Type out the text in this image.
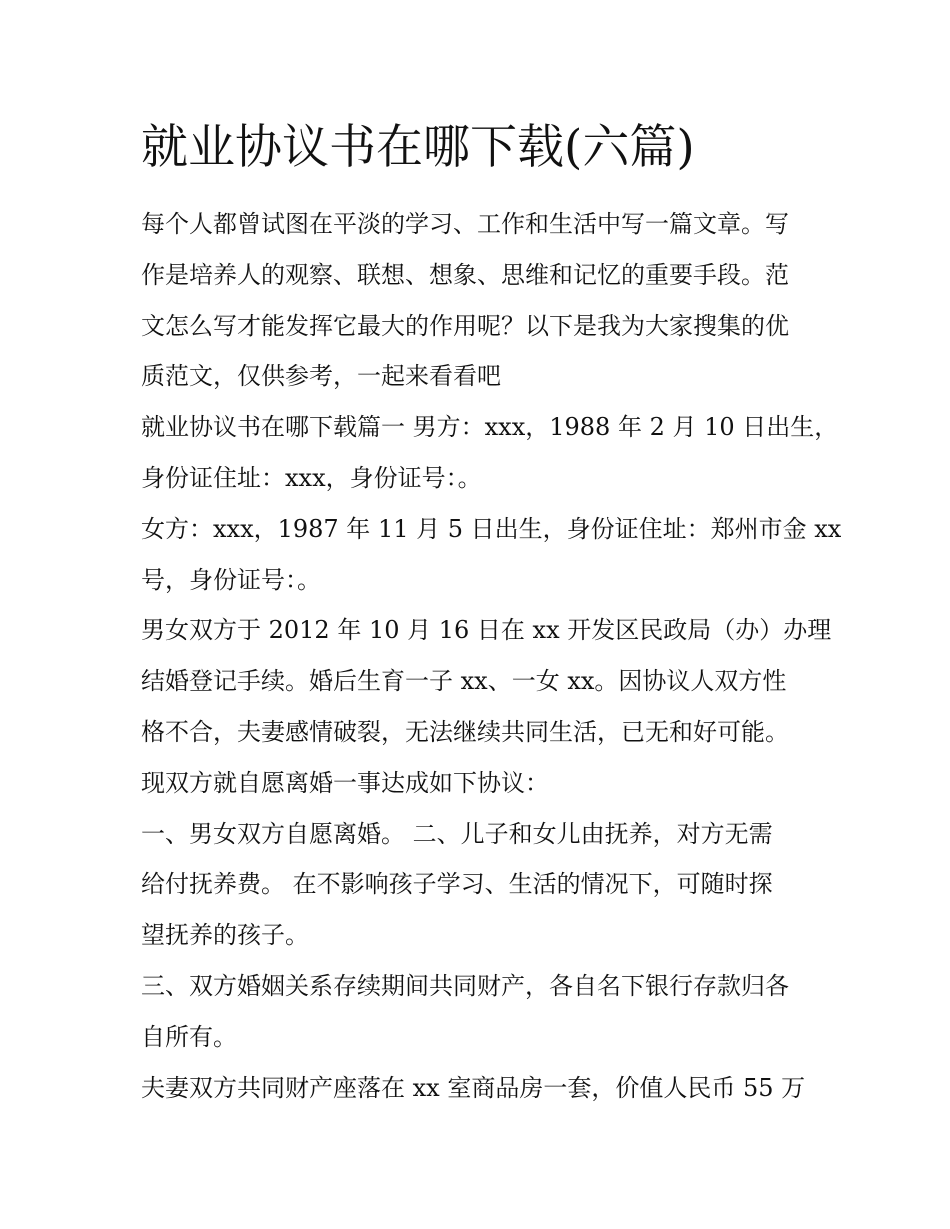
就业协议书在哪下载(六篇)
每个人都曾试图在平淡的学习、工作和生活中写一篇文章。写
作是培养人的观察、联想、想象、思维和记忆的重要手段。范
文怎么写才能发挥它最大的作用呢？以下是我为大家搜集的优
质范文，仅供参考，一起来看看吧
就业协议书在哪下载篇一 男方：xxx，1988 年 2 月 10 日出生，
身份证住址：xxx，身份证号：。
女方：xxx，1987 年 11 月 5 日出生，身份证住址：郑州市金 xx
号，身份证号：。
男女双方于 2012 年 10 月 16 日在 xx 开发区民政局（办）办理
结婚登记手续。婚后生育一子 xx、一女 xx。因协议人双方性
格不合，夫妻感情破裂，无法继续共同生活，已无和好可能。
现双方就自愿离婚一事达成如下协议：
一、男女双方自愿离婚。 二、儿子和女儿由抚养，对方无需
给付抚养费。 在不影响孩子学习、生活的情况下，可随时探
望抚养的孩子。
三、双方婚姻关系存续期间共同财产，各自名下银行存款归各
自所有。
夫妻双方共同财产座落在 xx 室商品房一套，价值人民币 55 万
